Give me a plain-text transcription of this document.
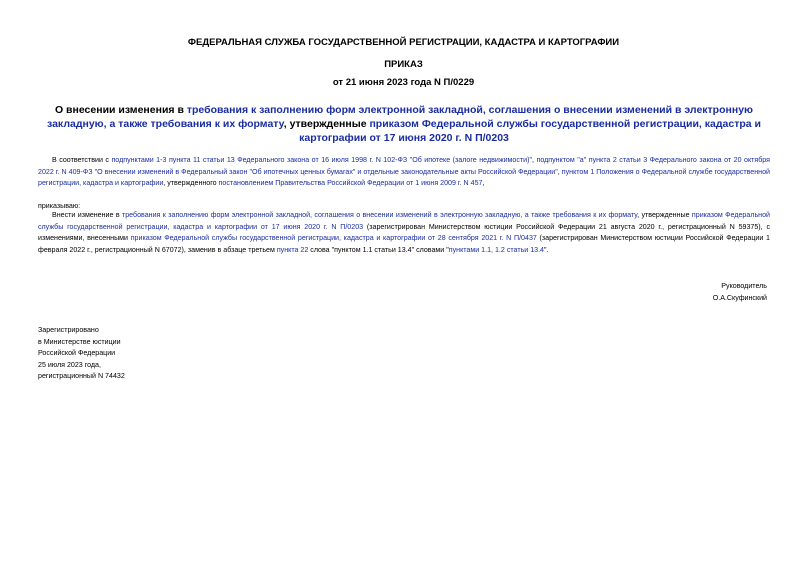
ФЕДЕРАЛЬНАЯ СЛУЖБА ГОСУДАРСТВЕННОЙ РЕГИСТРАЦИИ, КАДАСТРА И КАРТОГРАФИИ
ПРИКАЗ
от 21 июня 2023 года N П/0229
О внесении изменения в требования к заполнению форм электронной закладной, соглашения о внесении изменений в электронную закладную, а также требования к их формату, утвержденные приказом Федеральной службы государственной регистрации, кадастра и картографии от 17 июня 2020 г. N П/0203
В соответствии с подпунктами 1-3 пункта 11 статьи 13 Федерального закона от 16 июля 1998 г. N 102-ФЗ "Об ипотеке (залоге недвижимости)", подпунктом "а" пункта 2 статьи 3 Федерального закона от 20 октября 2022 г. N 409-ФЗ "О внесении изменений в Федеральный закон "Об ипотечных ценных бумагах" и отдельные законодательные акты Российской Федерации", пунктом 1 Положения о Федеральной службе государственной регистрации, кадастра и картографии, утвержденного постановлением Правительства Российской Федерации от 1 июня 2009 г. N 457,
приказываю:
Внести изменение в требования к заполнению форм электронной закладной, соглашения о внесении изменений в электронную закладную, а также требования к их формату, утвержденные приказом Федеральной службы государственной регистрации, кадастра и картографии от 17 июня 2020 г. N П/0203 (зарегистрирован Министерством юстиции Российской Федерации 21 августа 2020 г., регистрационный N 59375), с изменениями, внесенными приказом Федеральной службы государственной регистрации, кадастра и картографии от 28 сентября 2021 г. N П/0437 (зарегистрирован Министерством юстиции Российской Федерации 1 февраля 2022 г., регистрационный N 67072), заменив в абзаце третьем пункта 22 слова "пунктом 1.1 статьи 13.4" словами "пунктами 1.1, 1.2 статьи 13.4".
Руководитель
О.А.Скуфинский
Зарегистрировано
в Министерстве юстиции
Российской Федерации
25 июля 2023 года,
регистрационный N 74432
